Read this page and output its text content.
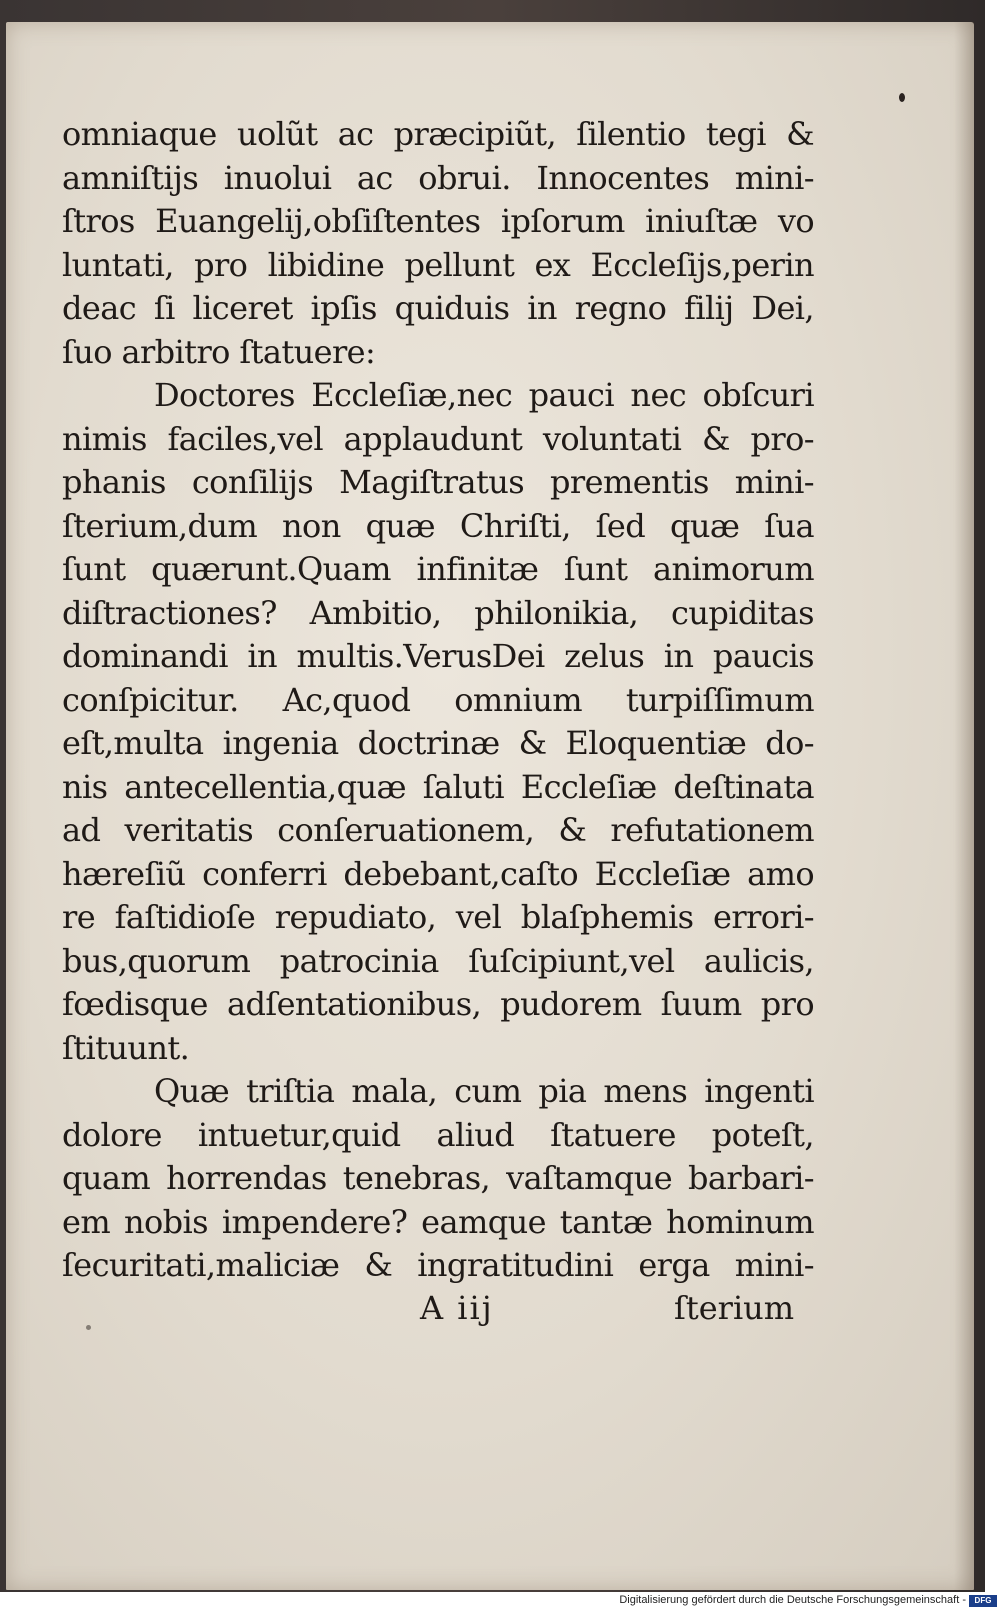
omniaque uolũt ac præcipiũt, ſilentio tegi &
amniſtijs inuolui ac obrui. Innocentes mini-
ſtros Euangelij,obſiſtentes ipſorum iniuſtæ vo
luntati, pro libidine pellunt ex Eccleſijs,perin
deac ſi liceret ipſis quiduis in regno filij Dei,
ſuo arbitro ſtatuere:
Doctores Eccleſiæ,nec pauci nec obſcuri
nimis faciles,vel applaudunt voluntati & pro-
phanis conſilijs Magiſtratus prementis mini-
ſterium,dum non quæ Chriſti, ſed quæ ſua
ſunt quærunt.Quam infinitæ ſunt animorum
diſtractiones? Ambitio, philonikia, cupiditas
dominandi in multis.VerusDei zelus in paucis
conſpicitur. Ac,quod omnium turpiſſimum
eſt,multa ingenia doctrinæ & Eloquentiæ do-
nis antecellentia,quæ ſaluti Eccleſiæ deſtinata
ad veritatis conſeruationem, & refutationem
hæreſiũ conferri debebant,caſto Eccleſiæ amo
re faſtidioſe repudiato, vel blaſphemis errori-
bus,quorum patrocinia ſuſcipiunt,vel aulicis,
fœdisque adſentationibus, pudorem ſuum pro
ſtituunt.
Quæ triſtia mala, cum pia mens ingenti
dolore intuetur,quid aliud ſtatuere poteſt,
quam horrendas tenebras, vaſtamque barbari-
em nobis impendere? eamque tantæ hominum
ſecuritati,maliciæ & ingratitudini erga mini-
A iij	ſterium
Digitalisierung gefördert durch die Deutsche Forschungsgemeinschaft -	DFG
